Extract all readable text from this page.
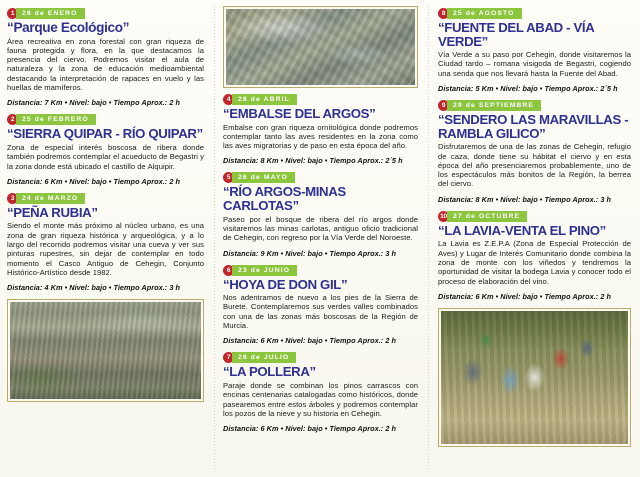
1	28 de ENERO
“Parque Ecológico”
Área recreativa en zona forestal con gran riqueza de fauna protegida y flora, en la que destacamos la presencia del ciervo. Podremos visitar el aula de naturaleza y la zona de educación medioambiental destacando la interpretación de rapaces en vuelo y las huellas de mamíferos.
Distancia: 7 Km • Nivel: bajo • Tiempo Aprox.: 2 h
2	25 de FEBRERO
“SIERRA QUIPAR - RÍO QUIPAR”
Zona de especial interés boscosa de ribera donde también podremos contemplar el acueducto de Begastri y la zona donde está ubicado el castillo de Alquipir.
Distancia: 6 Km • Nivel: bajo • Tiempo Aprox.: 2 h
3	24 de MARZO
“PEÑA RUBIA”
Siendo el monte más próximo al núcleo urbano, es una zona de gran riqueza histórica y arqueológica, y a lo largo del recorrido podremos visitar una cueva y ver sus pinturas rupestres, sin dejar de contemplar en todo momento el Casco Antiguo de Cehegin, Conjunto Histórico-Artístico desde 1982.
Distancia: 4 Km • Nivel: bajo • Tiempo Aprox.: 3 h
4	28 de ABRIL
“EMBALSE DEL ARGOS”
Embalse con gran riqueza ornitológica donde podremos contemplar tanto las aves residentes en la zona como las aves migratorias y de paso en esta época del año.
Distancia: 8 Km • Nivel: bajo • Tiempo Aprox.: 2´5 h
5	26 de MAYO
“RÍO ARGOS-MINAS CARLOTAS”
Paseo por el bosque de ribera del río argos donde visitaremos las minas carlotas, antiguo oficio tradicional de Cehegin, con regreso por la Vía Verde del Noroeste.
Distancia: 9 Km • Nivel: bajo • Tiempo Aprox.: 3 h
6	23 de JUNIO
“HOYA DE DON GIL”
Nos adentramos de nuevo a los pies de la Sierra de Burete. Contemplaremos sus verdes valles combinados con una de las zonas más boscosas de la Región de Murcia.
Distancia: 6 Km • Nivel: bajo • Tiempo Aprox.: 2 h
7	28 de JULIO
“LA POLLERA”
Paraje donde se combinan los pinos carrascos con encinas centenarias catalogadas como históricos, donde pasearemos entre estos árboles y podremos contemplar los pozos de la nieve y su historia en Cehegin.
Distancia: 6 Km • Nivel: bajo • Tiempo Aprox.: 2 h
8	25 de AGOSTO
“FUENTE DEL ABAD - VÍA VERDE”
Vía Verde a su paso por Cehegin, donde visitaremos la Ciudad tardo – romana visigoda de Begastri, cogiendo una senda que nos llevará hasta la Fuente del Abad.
Distancia: 5 Km • Nivel: bajo • Tiempo Aprox.: 2´5 h
9	29 de SEPTIEMBRE
“SENDERO LAS MARAVILLAS - RAMBLA GILICO”
Disfrutaremos de una de las zonas de Cehegin, refugio de caza, donde tiene su hábitat el ciervo y en esta época del año presenciaremos probablemente, uno de los espectáculos más bonitos de la Región, la berrea del ciervo.
Distancia: 8 Km • Nivel: bajo • Tiempo Aprox.: 3 h
10 27 de OCTUBRE
“LA LAVIA-VENTA EL PINO”
La Lavia es Z.E.P.A (Zona de Especial Protección de Aves) y Lugar de Interés Comunitario donde combina la zona de monte con los viñedos y tendremos la oportunidad de visitar la bodega Lavia y conocer todo el proceso de elaboración del vino.
Distancia: 6 Km • Nivel: bajo • Tiempo Aprox.: 2 h
